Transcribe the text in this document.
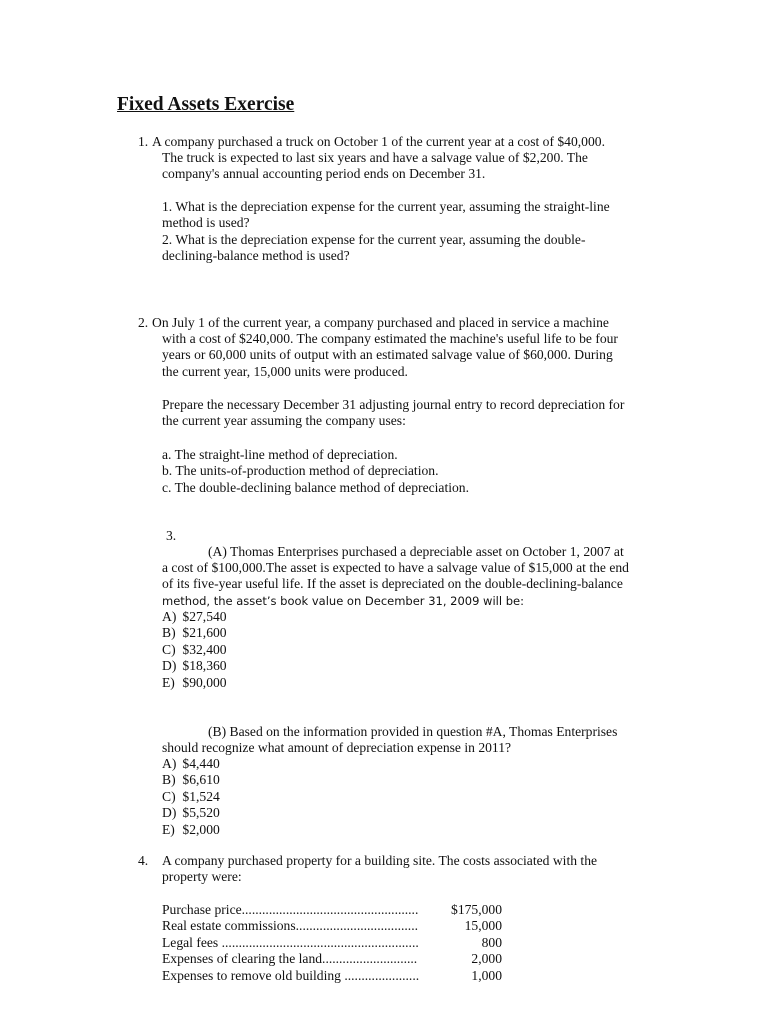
Fixed Assets Exercise
1. A company purchased a truck on October 1 of the current year at a cost of $40,000.
The truck is expected to last six years and have a salvage value of $2,200. The
company's annual accounting period ends on December 31.
1. What is the depreciation expense for the current year, assuming the straight-line
method is used?
2. What is the depreciation expense for the current year, assuming the double-
declining-balance method is used?
2. On July 1 of the current year, a company purchased and placed in service a machine
with a cost of $240,000. The company estimated the machine's useful life to be four
years or 60,000 units of output with an estimated salvage value of $60,000. During
the current year, 15,000 units were produced.
Prepare the necessary December 31 adjusting journal entry to record depreciation for
the current year assuming the company uses:
a. The straight-line method of depreciation.
b. The units-of-production method of depreciation.
c. The double-declining balance method of depreciation.
3.
(A) Thomas Enterprises purchased a depreciable asset on October 1, 2007 at
a cost of $100,000.The asset is expected to have a salvage value of $15,000 at the end
of its five-year useful life. If the asset is depreciated on the double-declining-balance
method, the asset’s book value on December 31, 2009 will be:
A) $27,540
B) $21,600
C) $32,400
D) $18,360
E) $90,000
(B) Based on the information provided in question #A, Thomas Enterprises
should recognize what amount of depreciation expense in 2011?
A) $4,440
B) $6,610
C) $1,524
D) $5,520
E) $2,000
4.	A company purchased property for a building site. The costs associated with the
property were:
Purchase price....................................................	$175,000
Real estate commissions....................................	15,000
Legal fees ..........................................................	800
Expenses of clearing the land............................	2,000
Expenses to remove old building ......................	1,000
